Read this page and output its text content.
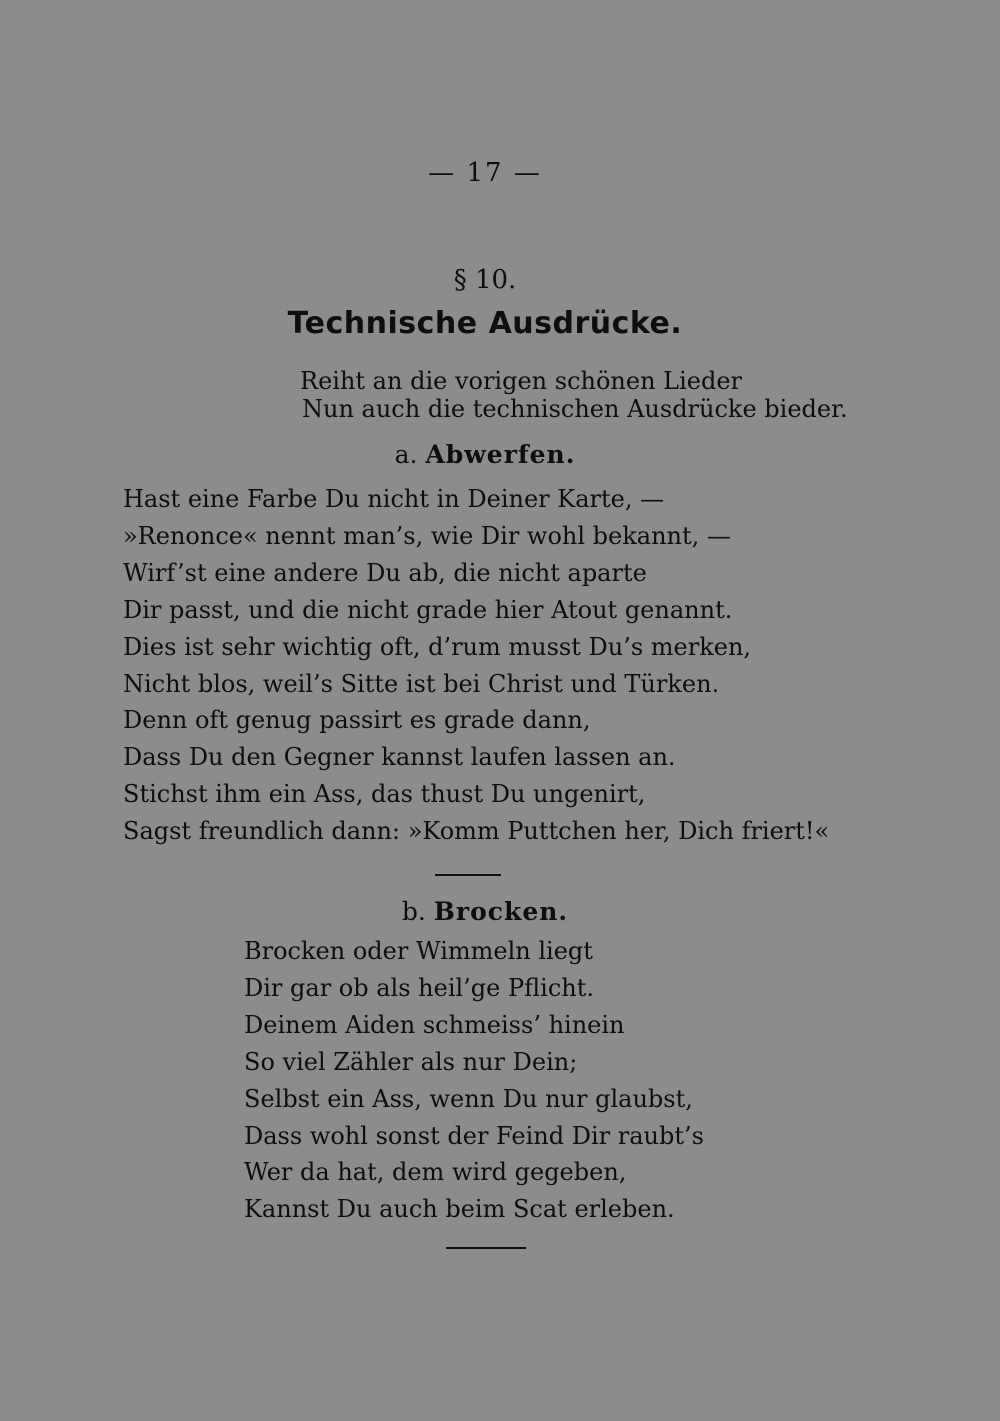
— 17 —
§ 10.
Technische Ausdrücke.
Reiht an die vorigen schönen Lieder
Nun auch die technischen Ausdrücke bieder.
a. Abwerfen.
Hast eine Farbe Du nicht in Deiner Karte, —
»Renonce« nennt man’s, wie Dir wohl bekannt, —
Wirf’st eine andere Du ab, die nicht aparte
Dir passt, und die nicht grade hier Atout genannt.
Dies ist sehr wichtig oft, d’rum musst Du’s merken,
Nicht blos, weil’s Sitte ist bei Christ und Türken.
Denn oft genug passirt es grade dann,
Dass Du den Gegner kannst laufen lassen an.
Stichst ihm ein Ass, das thust Du ungenirt,
Sagst freundlich dann: »Komm Puttchen her, Dich friert!«
b. Brocken.
Brocken oder Wimmeln liegt
Dir gar ob als heil’ge Pflicht.
Deinem Aiden schmeiss’ hinein
So viel Zähler als nur Dein;
Selbst ein Ass, wenn Du nur glaubst,
Dass wohl sonst der Feind Dir raubt’s
Wer da hat, dem wird gegeben,
Kannst Du auch beim Scat erleben.
